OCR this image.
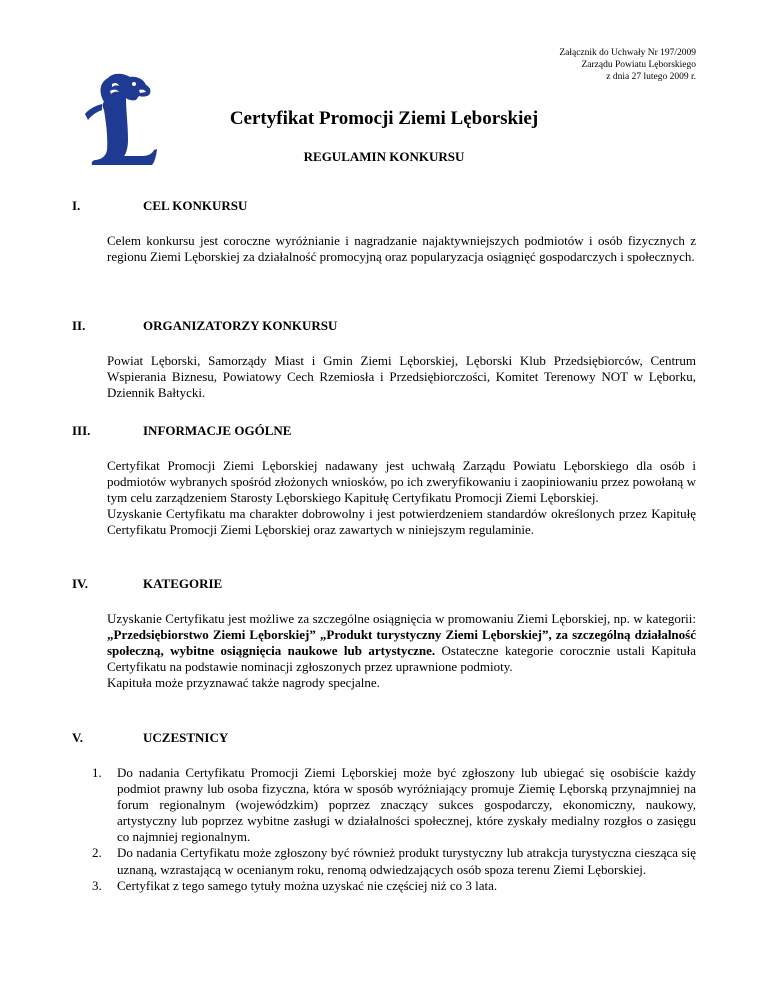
Załącznik do Uchwały Nr 197/2009
Zarządu Powiatu Lęborskiego
z dnia 27 lutego 2009 r.
Certyfikat Promocji Ziemi Lęborskiej
REGULAMIN KONKURSU
I.	CEL KONKURSU

Celem konkursu jest coroczne wyróżnianie i nagradzanie najaktywniejszych podmiotów i osób fizycznych z regionu Ziemi Lęborskiej za działalność promocyjną oraz popularyzacja osiągnięć gospodarczych i społecznych.

II.	ORGANIZATORZY KONKURSU

Powiat Lęborski, Samorządy Miast i Gmin Ziemi Lęborskiej, Lęborski Klub Przedsiębiorców, Centrum Wspierania Biznesu, Powiatowy Cech Rzemiosła i Przedsiębiorczości, Komitet Terenowy NOT w Lęborku, Dziennik Bałtycki.

III.	INFORMACJE OGÓLNE

Certyfikat Promocji Ziemi Lęborskiej nadawany jest uchwałą Zarządu Powiatu Lęborskiego dla osób i podmiotów wybranych spośród złożonych wniosków, po ich zweryfikowaniu i zaopiniowaniu przez powołaną w tym celu zarządzeniem Starosty Lęborskiego Kapitułę Certyfikatu Promocji Ziemi Lęborskiej.

Uzyskanie Certyfikatu ma charakter dobrowolny i jest potwierdzeniem standardów określonych przez Kapitułę Certyfikatu Promocji Ziemi Lęborskiej oraz zawartych w niniejszym regulaminie.

IV.	KATEGORIE

Uzyskanie Certyfikatu jest możliwe za szczególne osiągnięcia w promowaniu Ziemi Lęborskiej, np. w kategorii: „Przedsiębiorstwo Ziemi Lęborskiej” „Produkt turystyczny Ziemi Lęborskiej”, za szczególną działalność społeczną, wybitne osiągnięcia naukowe lub artystyczne. Ostateczne kategorie corocznie ustali Kapituła Certyfikatu na podstawie nominacji zgłoszonych przez uprawnione podmioty.

Kapituła może przyznawać także nagrody specjalne.

V.	UCZESTNICY
1. Do nadania Certyfikatu Promocji Ziemi Lęborskiej może być zgłoszony lub ubiegać się osobiście każdy podmiot prawny lub osoba fizyczna, która w sposób wyróżniający promuje Ziemię Lęborską przynajmniej na forum regionalnym (wojewódzkim) poprzez znaczący sukces gospodarczy, ekonomiczny, naukowy, artystyczny lub poprzez wybitne zasługi w działalności społecznej, które zyskały medialny rozgłos o zasięgu co najmniej regionalnym.
2. Do nadania Certyfikatu może zgłoszony być również produkt turystyczny lub atrakcja turystyczna ciesząca się uznaną, wzrastającą w ocenianym roku, renomą odwiedzających osób spoza terenu Ziemi Lęborskiej.
3. Certyfikat z tego samego tytuły można uzyskać nie częściej niż co 3 lata.
